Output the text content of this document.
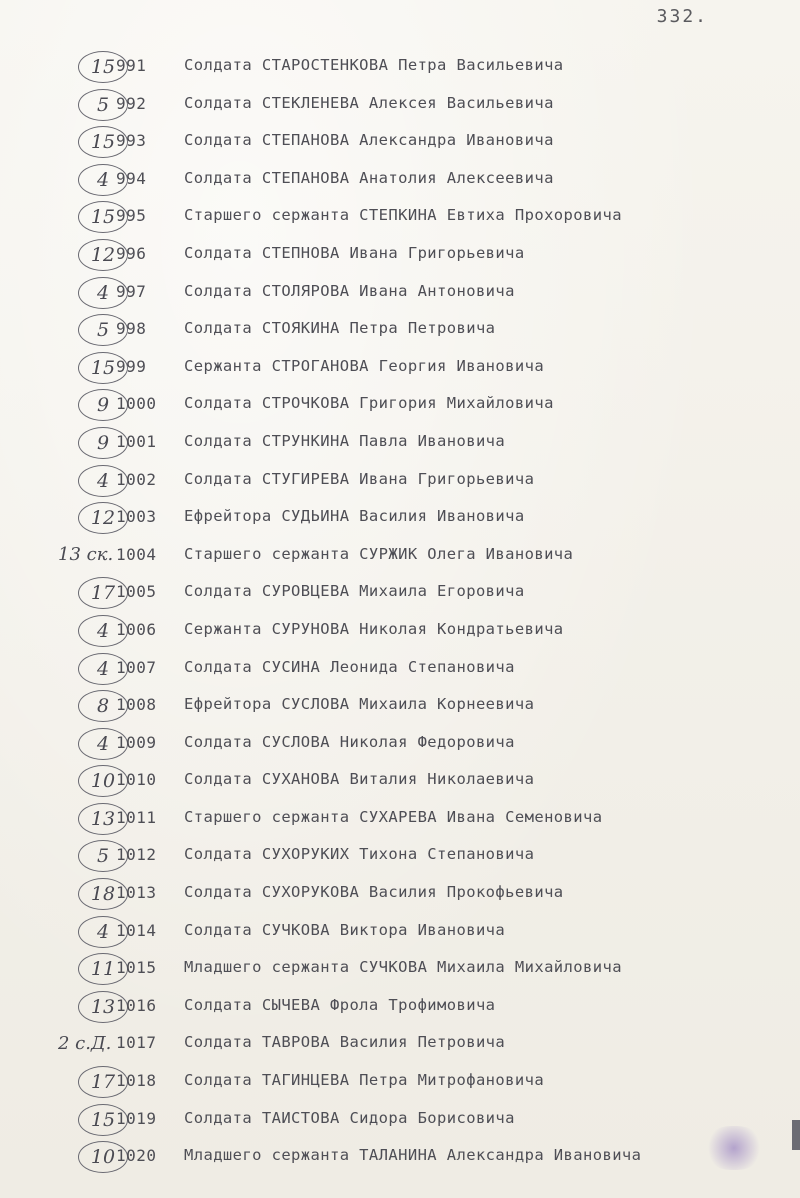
332.
15 991 Солдата СТАРОСТЕНКОВА Петра Васильевича
5 992 Солдата СТЕКЛЕНЕВА Алексея Васильевича
15 993 Солдата СТЕПАНОВА Александра Ивановича
4 994 Солдата СТЕПАНОВА Анатолия Алексеевича
15 995 Старшего сержанта СТЕПКИНА Евтиха Прохоровича
12 996 Солдата СТЕПНОВА Ивана Григорьевича
4 997 Солдата СТОЛЯРОВА Ивана Антоновича
5 998 Солдата СТОЯКИНА Петра Петровича
15 999 Сержанта СТРОГАНОВА Георгия Ивановича
9 1000 Солдата СТРОЧКОВА Григория Михайловича
9 1001 Солдата СТРУНКИНА Павла Ивановича
4 1002 Солдата СТУГИРЕВА Ивана Григорьевича
12 1003 Ефрейтора СУДЬИНА Василия Ивановича
13 ск. 1004 Старшего сержанта СУРЖИК Олега Ивановича
17 1005 Солдата СУРОВЦЕВА Михаила Егоровича
4 1006 Сержанта СУРУНОВА Николая Кондратьевича
4 1007 Солдата СУСИНА Леонида Степановича
8 1008 Ефрейтора СУСЛОВА Михаила Корнеевича
4 1009 Солдата СУСЛОВА Николая Федоровича
10 1010 Солдата СУХАНОВА Виталия Николаевича
13 1011 Старшего сержанта СУХАРЕВА Ивана Семеновича
5 1012 Солдата СУХОРУКИХ Тихона Степановича
18 1013 Солдата СУХОРУКОВА Василия Прокофьевича
4 1014 Солдата СУЧКОВА Виктора Ивановича
11 1015 Младшего сержанта СУЧКОВА Михаила Михайловича
13 1016 Солдата СЫЧЕВА Фрола Трофимовича
2 с.Д. 1017 Солдата ТАВРОВА Василия Петровича
17 1018 Солдата ТАГИНЦЕВА Петра Митрофановича
15 1019 Солдата ТАИСТОВА Сидора Борисовича
10 1020 Младшего сержанта ТАЛАНИНА Александра Ивановича
